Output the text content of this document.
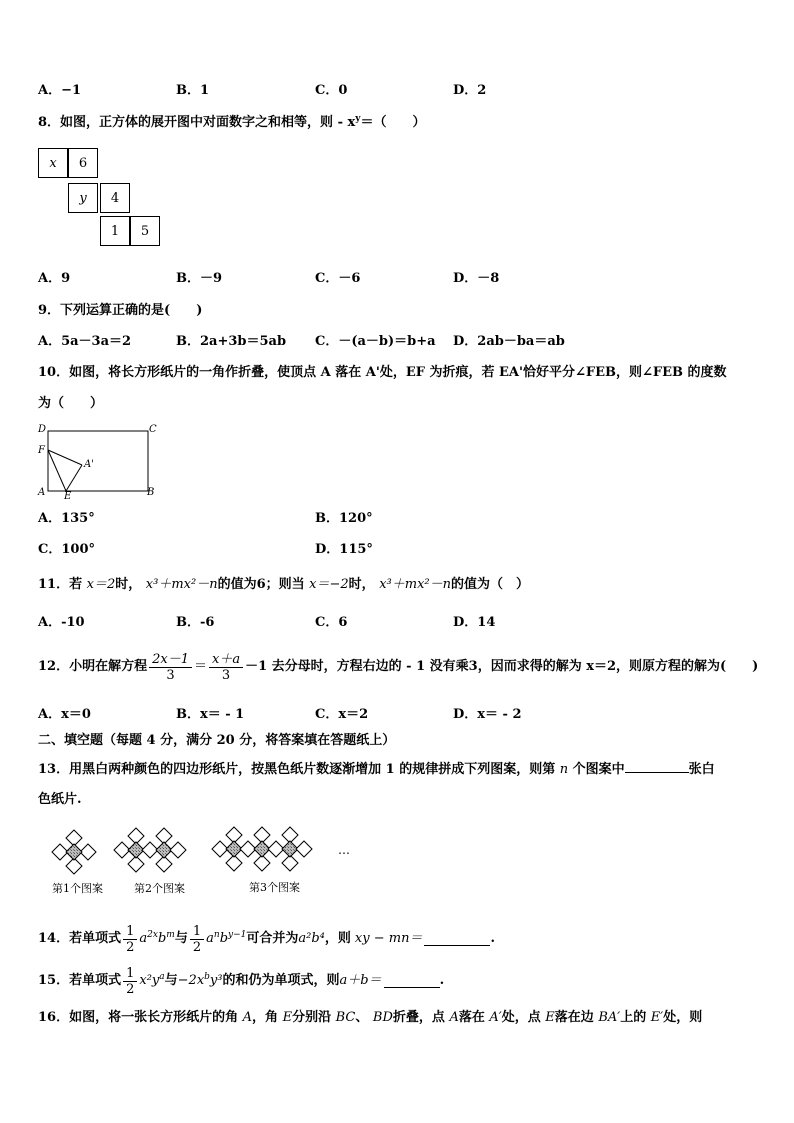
A．−1	B．1	C．0	D．2
8．如图，正方体的展开图中对面数字之和相等，则 - $x^y=$（　　）
x	6
y	4
1	5
A．9	B．－9	C．－6	D．－8
9．下列运算正确的是(　　)
A．5a－3a＝2	B．2a+3b＝5ab C．－(a－b)＝b+a D．2ab－ba＝ab
10．如图，将长方形纸片的一角作折叠，使顶点 A 落在 A'处，EF 为折痕，若 EA'恰好平分∠FEB，则∠FEB 的度数
为（　　）
D	C
F
A'
A E	B
A．135°	B．120°
C．100°	D．115°
11．若 x＝2时， x³＋mx²－n的值为6；则当 x＝−2时， x³＋mx²－n的值为（　）
A．-10	B．-6	C．6	D．14
12．小明在解方程 $\frac{2x-1}{3} = \frac{x+a}{3} -1$ 去分母时，方程右边的 - 1 没有乘3，因而求得的解为 x＝2，则原方程的解为(　　)
A．x＝0	B．x＝ - 1	C．x＝2	D．x＝ - 2
二、填空题（每题 4 分，满分 20 分，将答案填在答题纸上）
13．用黑白两种颜色的四边形纸片，按黑色纸片数逐渐增加 1 的规律拼成下列图案，则第 n 个图案中	张白
色纸片.
…
第1个图案	第2个图案	第3个图案
14．若单项式 $\frac{1}{2} a^{2x}b^m$ 与 $\frac{1}{2} a^nb^{y-1}$ 可合并为 a²b⁴ ，则 xy − mn＝	.
15．若单项式 $\frac{1}{2} x^2y^a$ 与 $-2x^by^3$ 的和仍为单项式，则 a＋b＝	.
16．如图，将一张长方形纸片的角 A，角 E分别沿 BC、 BD折叠，点 A落在 A′处，点 E落在边 BA′上的 E′处，则
